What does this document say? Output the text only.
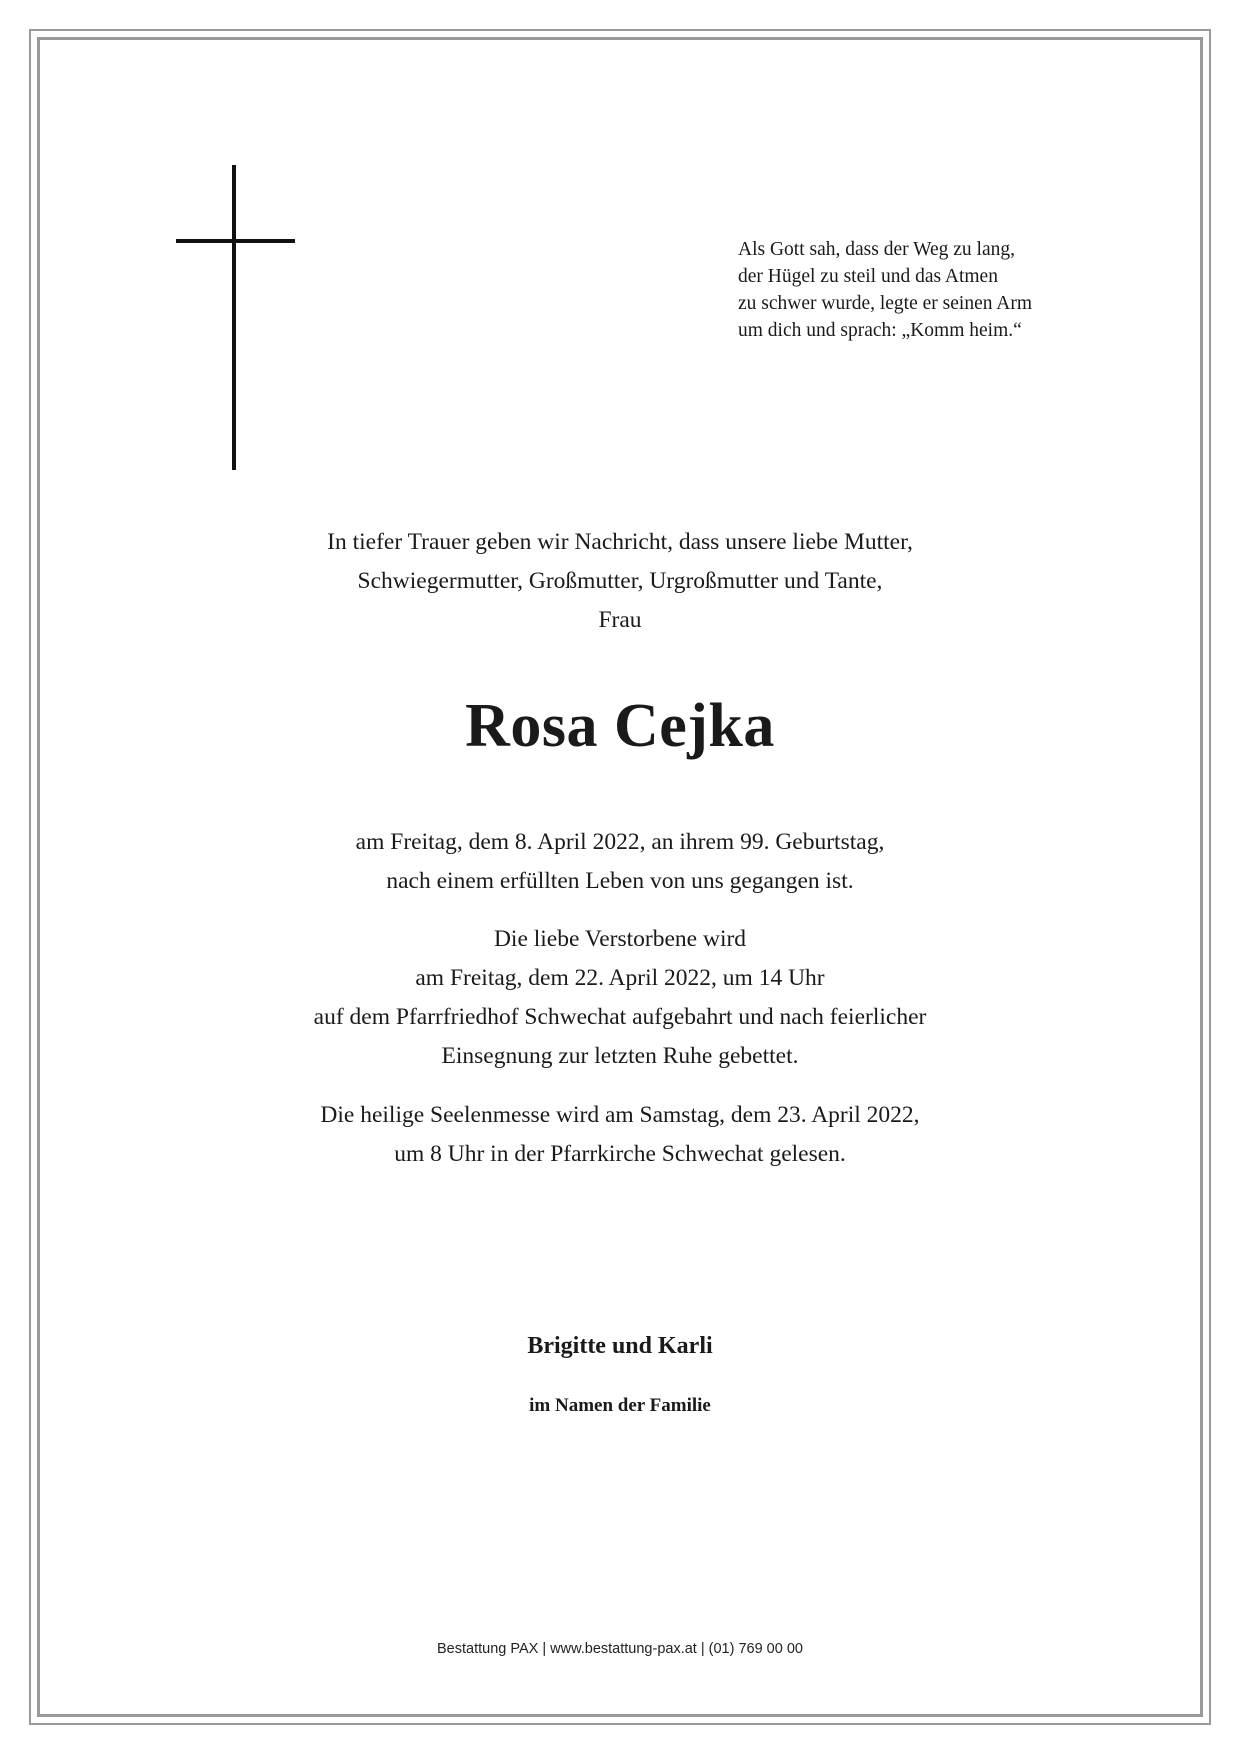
Als Gott sah, dass der Weg zu lang,
der Hügel zu steil und das Atmen
zu schwer wurde, legte er seinen Arm
um dich und sprach: „Komm heim.“
In tiefer Trauer geben wir Nachricht, dass unsere liebe Mutter,
Schwiegermutter, Großmutter, Urgroßmutter und Tante,
Frau
Rosa Cejka
am Freitag, dem 8. April 2022, an ihrem 99. Geburtstag,
nach einem erfüllten Leben von uns gegangen ist.
Die liebe Verstorbene wird
am Freitag, dem 22. April 2022, um 14 Uhr
auf dem Pfarrfriedhof Schwechat aufgebahrt und nach feierlicher
Einsegnung zur letzten Ruhe gebettet.
Die heilige Seelenmesse wird am Samstag, dem 23. April 2022,
um 8 Uhr in der Pfarrkirche Schwechat gelesen.
Brigitte und Karli
im Namen der Familie
Bestattung PAX | www.bestattung-pax.at | (01) 769 00 00
